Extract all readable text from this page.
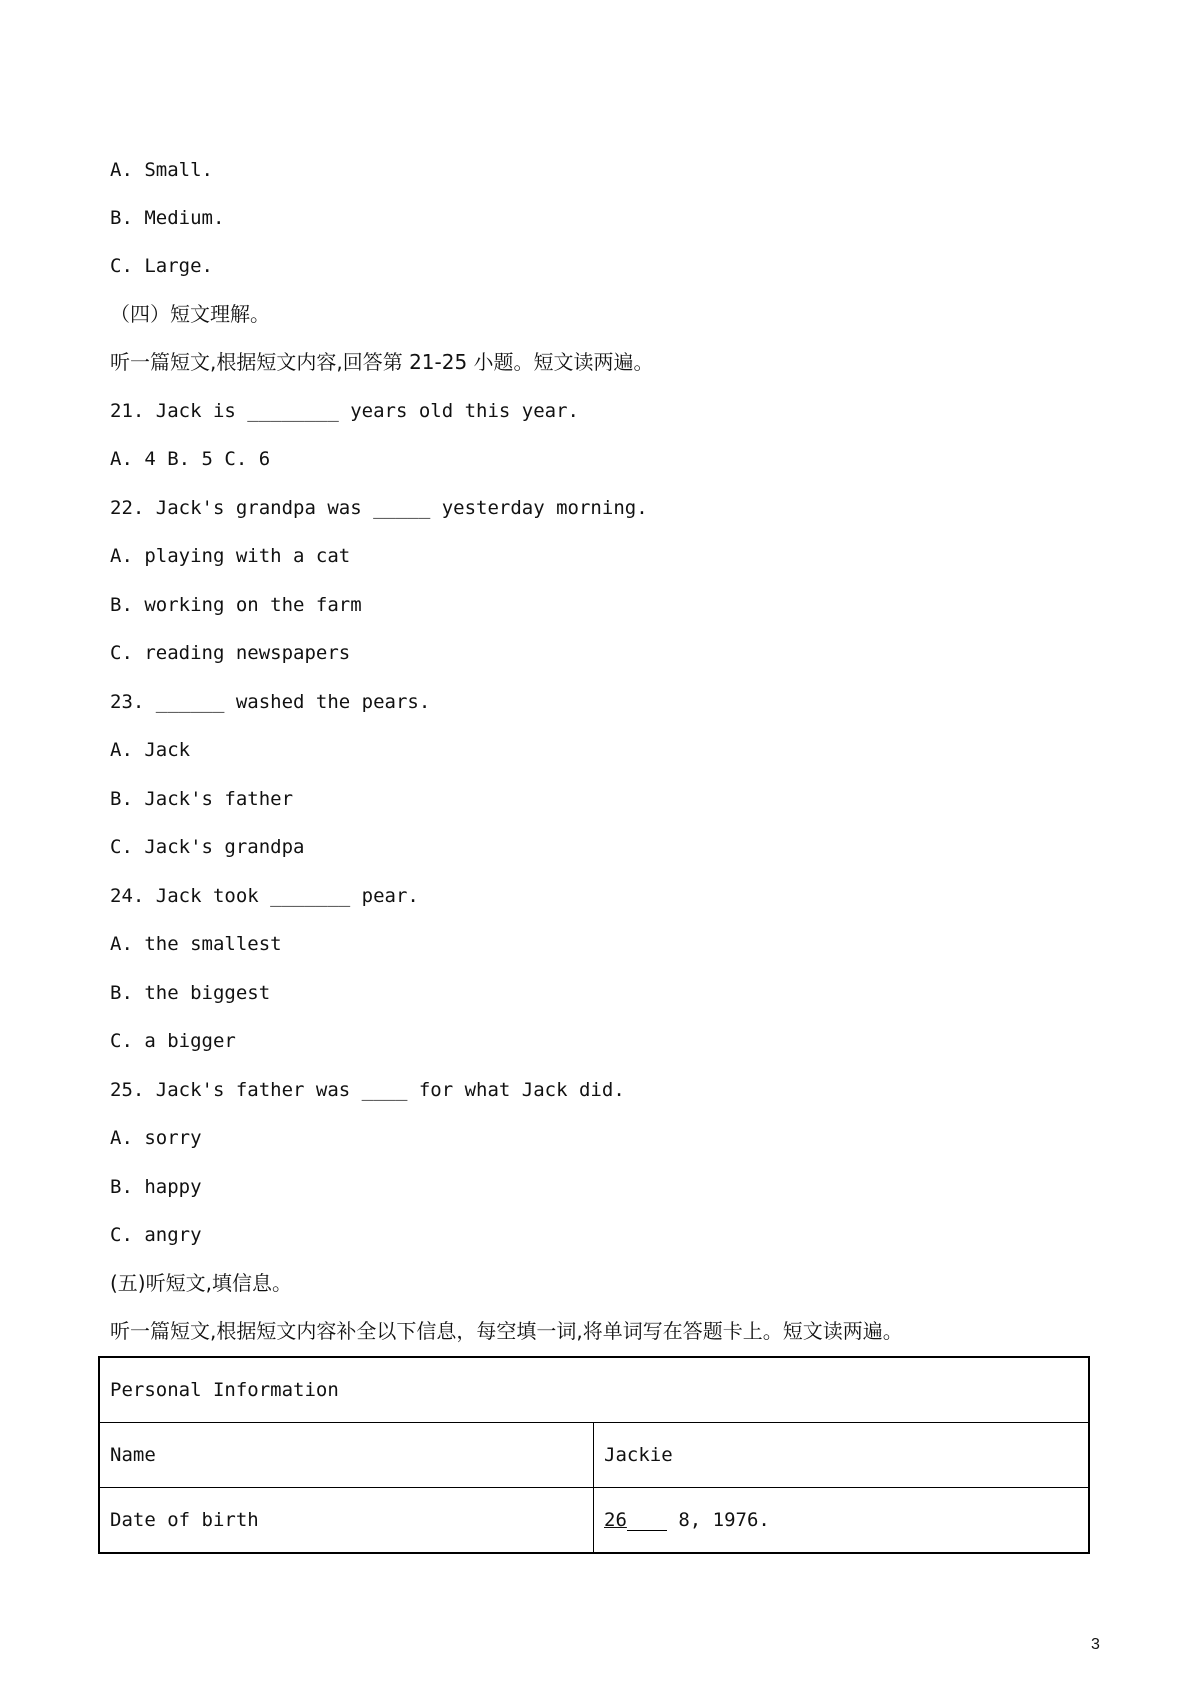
A. Small.
B. Medium.
C. Large.
（四）短文理解。
听一篇短文,根据短文内容,回答第 21-25 小题。短文读两遍。
21. Jack is ________ years old this year.
A. 4 B. 5 C. 6
22. Jack's grandpa was _____ yesterday morning.
A. playing with a cat
B. working on the farm
C. reading newspapers
23. ______ washed the pears.
A. Jack
B. Jack's father
C. Jack's grandpa
24. Jack took _______ pear.
A. the smallest
B. the biggest
C. a bigger
25. Jack's father was ____ for what Jack did.
A. sorry
B. happy
C. angry
(五)听短文,填信息。
听一篇短文,根据短文内容补全以下信息，每空填一词,将单词写在答题卡上。短文读两遍。
Personal Information	
Name	Jackie
Date of birth	26 8, 1976.
3
